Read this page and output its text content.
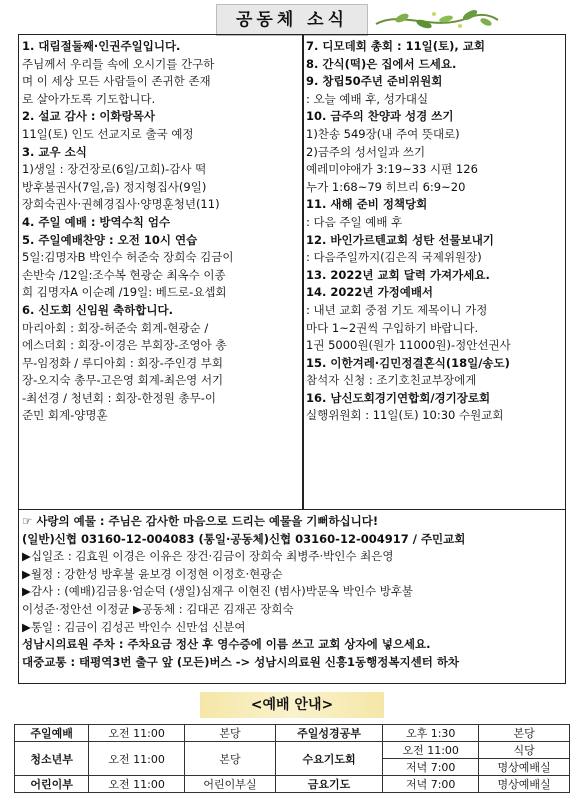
공동체 소식
1. 대림절둘째·인권주일입니다.
주님께서 우리들 속에 오시기를 간구하
며 이 세상 모든 사람들이 존귀한 존재
로 살아가도록 기도합니다.
2. 설교 감사 : 이화랑목사
11일(토) 인도 선교지로 출국 예정
3. 교우 소식
1)생일 : 장건장로(6일/고희)-감사 떡
방후불권사(7일,음) 정지형집사(9일)
장희숙권사·권혜경집사·양명훈청년(11)
4. 주일 예배 : 방역수칙 엄수
5. 주일예배찬양 : 오전 10시 연습
5일:김명자B 박인수 허준숙 장희숙 김금이
손반숙 /12일:조수복 현광순 최옥수 이종
희 김명자A 이순례 /19일: 베드로-요셉회
6. 신도회 신임원 축하합니다.
마리아회 : 회장-허준숙 회계-현광순 /
에스더회 : 회장-이경은 부회장-조영아 총
무-임정화 / 루디아회 : 회장-주인경 부회
장-오지숙 총무-고은영 회계-최은영 서기
-최선경 / 청년회 : 회장-한정원 총무-이
준민 회계-양명훈
7. 디모데회 총회 : 11일(토), 교회
8. 간식(떡)은 집에서 드세요.
9. 창립50주년 준비위원회
: 오늘 예배 후, 성가대실
10. 금주의 찬양과 성경 쓰기
1)찬송 549장(내 주여 뜻대로)
2)금주의 성서일과 쓰기
예레미야애가 3:19~33 시편 126
누가 1:68~79 히브리 6:9~20
11. 새해 준비 정책당회
: 다음 주일 예배 후
12. 바인가르텐교회 성탄 선물보내기
: 다음주일까지(김은직 국제위원장)
13. 2022년 교회 달력 가져가세요.
14. 2022년 가정예배서
: 내년 교회 중점 기도 제목이니 가정
마다 1~2권씩 구입하기 바랍니다.
1권 5000원(원가 11000원)-정안선권사
15. 이한겨레·김민정결혼식(18일/송도)
참석자 신청 : 조기호친교부장에게
16. 남신도회경기연합회/경기장로회
실행위원회 : 11일(토) 10:30 수원교회
☞ 사랑의 예물 : 주님은 감사한 마음으로 드리는 예물을 기뻐하십니다!
(일반)신협 03160-12-004083 (통일·공동체)신협 03160-12-004917 / 주민교회
▶십일조 : 김효원 이경은 이유은 장건·김금이 장희숙 최병주·박인수 최은영
▶월정 : 강한성 방후불 윤보경 이정현 이정호·현광순
▶감사 : (예배)김금용·엄순덕 (생일)심재구 이현진 (범사)박문옥 박인수 방후불
이성준·정안선 이정균 ▶공동체 : 김대곤 김재곤 장희숙
▶통일 : 김금이 김성곤 박인수 신만섭 신분여
성남시의료원 주차 : 주차요금 정산 후 영수증에 이름 쓰고 교회 상자에 넣으세요.
대중교통 : 태평역3번 출구 앞 (모든)버스 -> 성남시의료원 신흥1동행정복지센터 하차
<예배 안내>
주일예배	오전 11:00	본당	주일성경공부	오후 1:30	본당
청소년부	오전 11:00	본당	수요기도회	오전 11:00	식당
				저녁 7:00	명상예배실
어린이부	오전 11:00	어린이부실	금요기도	저녁 7:00	명상예배실
